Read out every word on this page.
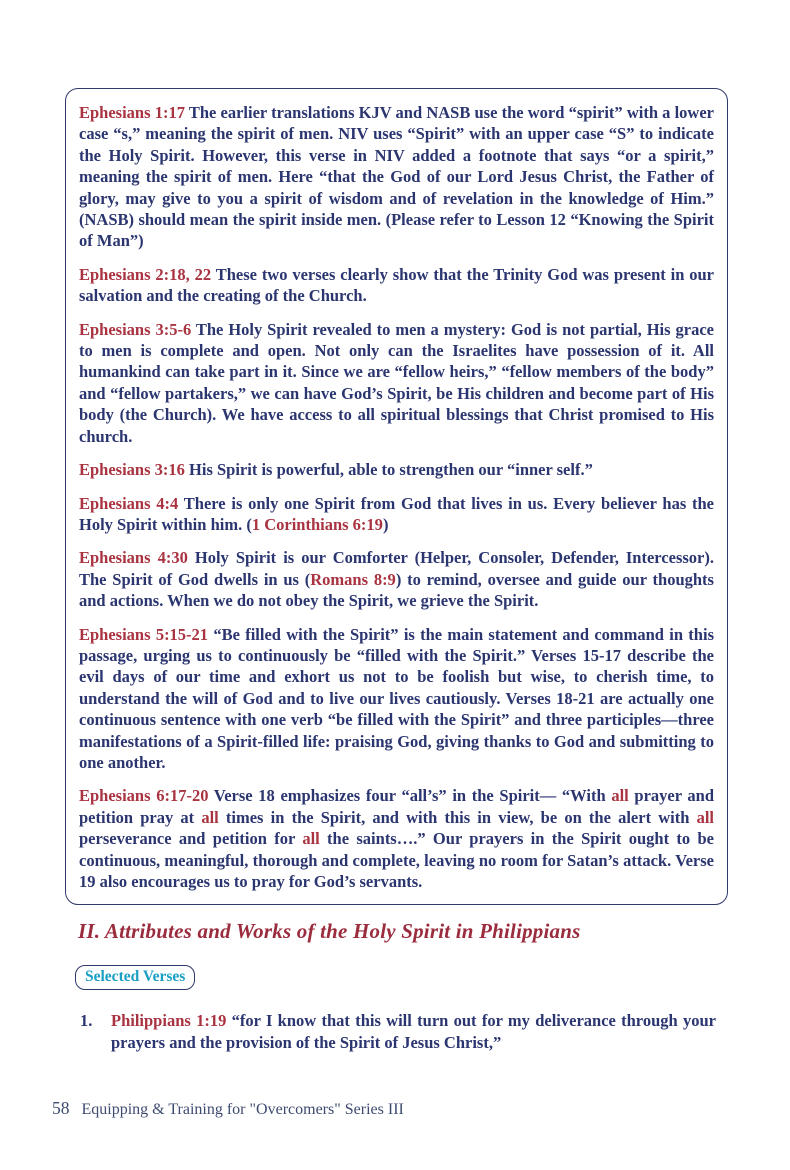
Ephesians 1:17 The earlier translations KJV and NASB use the word “spirit” with a lower case “s,” meaning the spirit of men. NIV uses “Spirit” with an upper case “S” to indicate the Holy Spirit. However, this verse in NIV added a footnote that says “or a spirit,” meaning the spirit of men. Here “that the God of our Lord Jesus Christ, the Father of glory, may give to you a spirit of wisdom and of revelation in the knowledge of Him.” (NASB) should mean the spirit inside men. (Please refer to Lesson 12 “Knowing the Spirit of Man”)

Ephesians 2:18, 22 These two verses clearly show that the Trinity God was present in our salvation and the creating of the Church.

Ephesians 3:5-6 The Holy Spirit revealed to men a mystery: God is not partial, His grace to men is complete and open. Not only can the Israelites have possession of it. All humankind can take part in it. Since we are “fellow heirs,” “fellow members of the body” and “fellow partakers,” we can have God’s Spirit, be His children and become part of His body (the Church). We have access to all spiritual blessings that Christ promised to His church.

Ephesians 3:16 His Spirit is powerful, able to strengthen our “inner self.”

Ephesians 4:4 There is only one Spirit from God that lives in us. Every believer has the Holy Spirit within him. (1 Corinthians 6:19)

Ephesians 4:30 Holy Spirit is our Comforter (Helper, Consoler, Defender, Intercessor). The Spirit of God dwells in us (Romans 8:9) to remind, oversee and guide our thoughts and actions. When we do not obey the Spirit, we grieve the Spirit.

Ephesians 5:15-21 “Be filled with the Spirit” is the main statement and command in this passage, urging us to continuously be “filled with the Spirit.” Verses 15-17 describe the evil days of our time and exhort us not to be foolish but wise, to cherish time, to understand the will of God and to live our lives cautiously. Verses 18-21 are actually one continuous sentence with one verb “be filled with the Spirit” and three participles—three manifestations of a Spirit-filled life: praising God, giving thanks to God and submitting to one another.

Ephesians 6:17-20 Verse 18 emphasizes four “all’s” in the Spirit— “With all prayer and petition pray at all times in the Spirit, and with this in view, be on the alert with all perseverance and petition for all the saints….” Our prayers in the Spirit ought to be continuous, meaningful, thorough and complete, leaving no room for Satan’s attack. Verse 19 also encourages us to pray for God’s servants.

II. Attributes and Works of the Holy Spirit in Philippians
Selected Verses
1.	Philippians 1:19 “for I know that this will turn out for my deliverance through your prayers and the provision of the Spirit of Jesus Christ,”
58 Equipping & Training for "Overcomers" Series III
